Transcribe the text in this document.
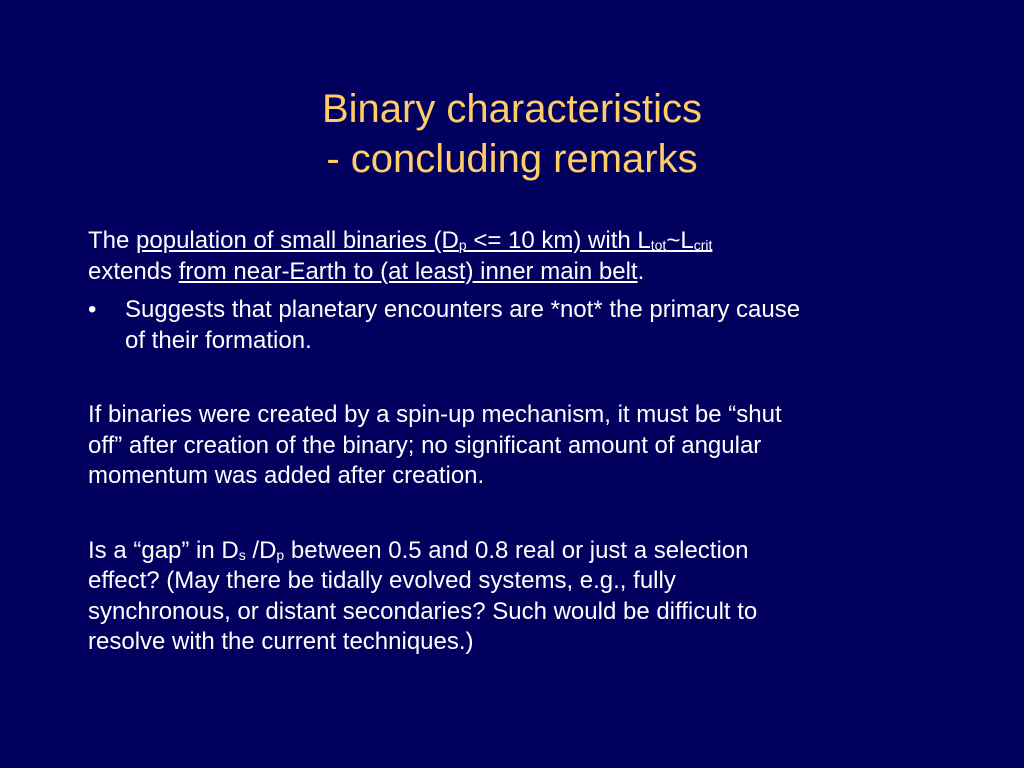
Binary characteristics
- concluding remarks
The population of small binaries ($D_p <= 10$ km) with $L_{tot}\sim L_{crit}$
extends from near-Earth to (at least) inner main belt.
•	Suggests that planetary encounters are *not* the primary cause
of their formation.
If binaries were created by a spin-up mechanism, it must be “shut
off” after creation of the binary; no significant amount of angular
momentum was added after creation.
Is a “gap” in $D_s$ $/D_p$ between 0.5 and 0.8 real or just a selection
effect? (May there be tidally evolved systems, e.g., fully
synchronous, or distant secondaries? Such would be difficult to
resolve with the current techniques.)
